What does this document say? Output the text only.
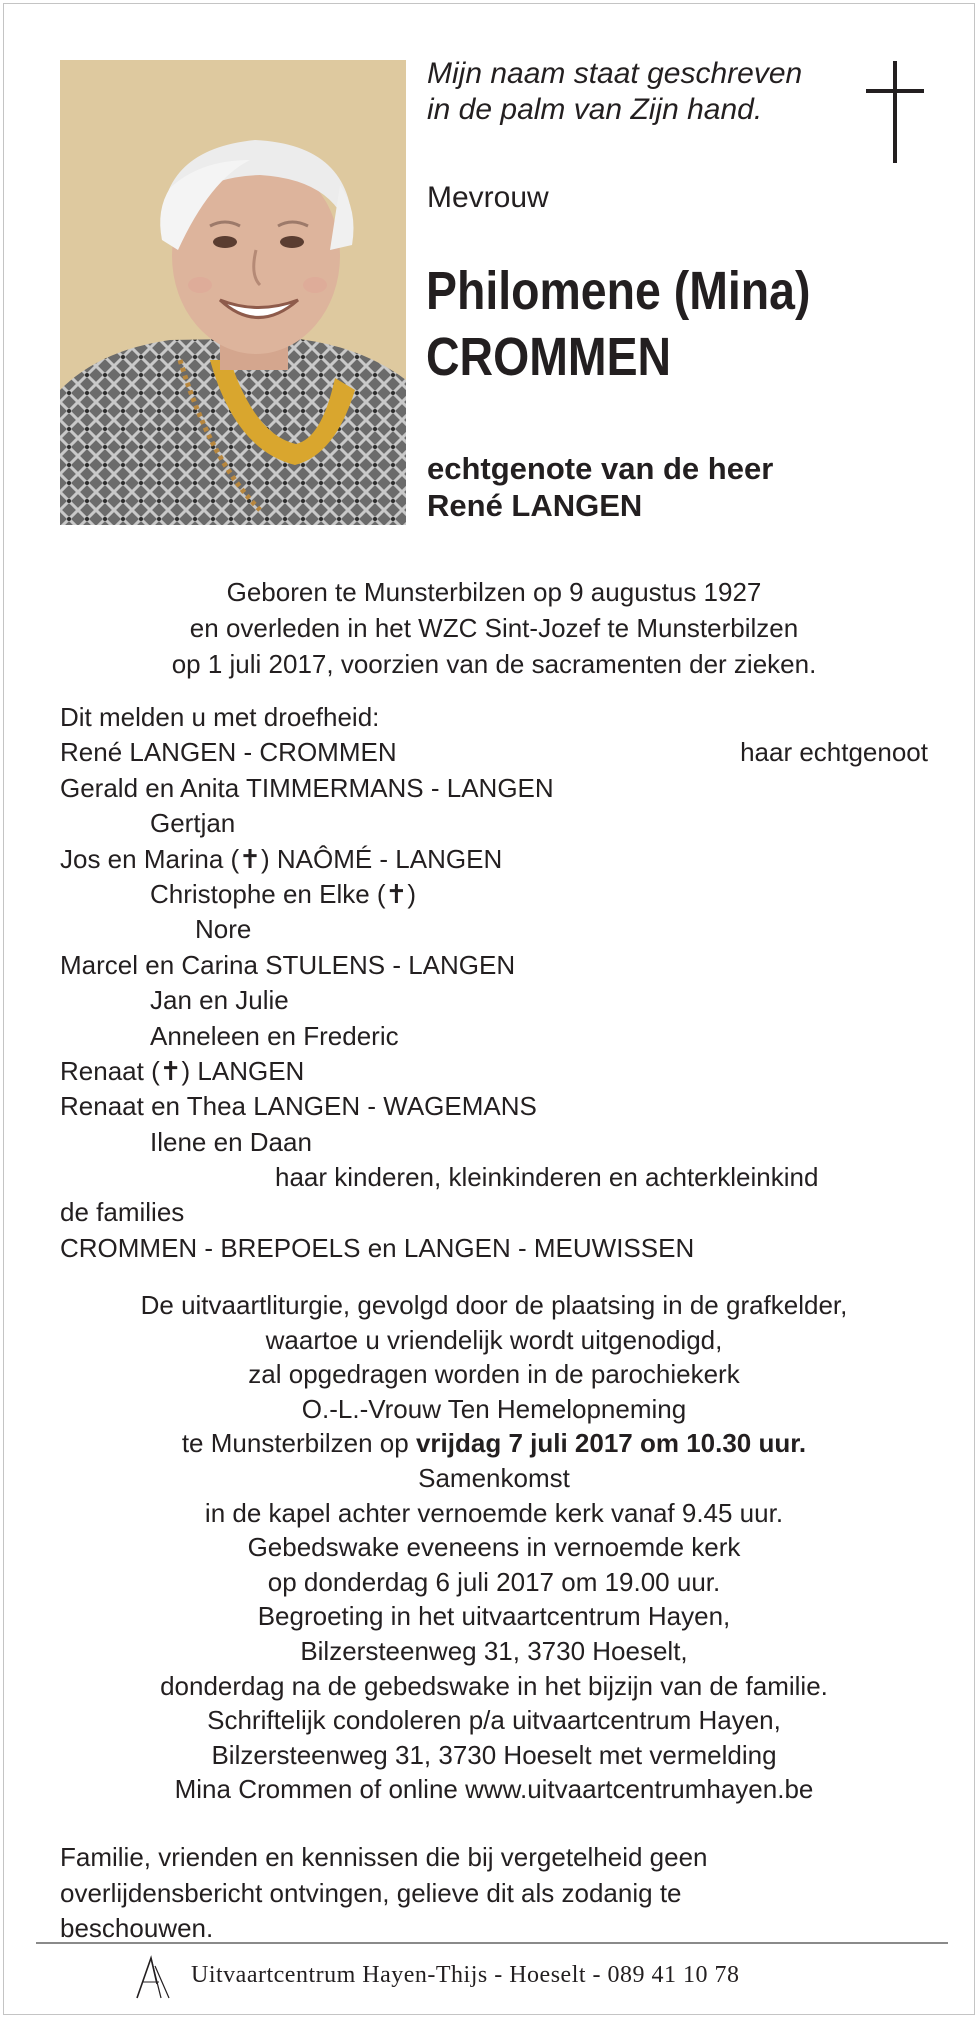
Mijn naam staat geschreven
in de palm van Zijn hand.
Mevrouw
Philomene (Mina)
CROMMEN
echtgenote van de heer
René LANGEN
Geboren te Munsterbilzen op 9 augustus 1927
en overleden in het WZC Sint-Jozef te Munsterbilzen
op 1 juli 2017, voorzien van de sacramenten der zieken.
Dit melden u met droefheid:
René LANGEN - CROMMEN	haar echtgenoot
Gerald en Anita TIMMERMANS - LANGEN
Gertjan
Jos en Marina (✝) NAÔMÉ - LANGEN
Christophe en Elke (✝)
Nore
Marcel en Carina STULENS - LANGEN
Jan en Julie
Anneleen en Frederic
Renaat (✝) LANGEN
Renaat en Thea LANGEN - WAGEMANS
Ilene en Daan
haar kinderen, kleinkinderen en achterkleinkind
de families
CROMMEN - BREPOELS en LANGEN - MEUWISSEN
De uitvaartliturgie, gevolgd door de plaatsing in de grafkelder,
waartoe u vriendelijk wordt uitgenodigd,
zal opgedragen worden in de parochiekerk
O.-L.-Vrouw Ten Hemelopneming
te Munsterbilzen op vrijdag 7 juli 2017 om 10.30 uur.
Samenkomst
in de kapel achter vernoemde kerk vanaf 9.45 uur.
Gebedswake eveneens in vernoemde kerk
op donderdag 6 juli 2017 om 19.00 uur.
Begroeting in het uitvaartcentrum Hayen,
Bilzersteenweg 31, 3730 Hoeselt,
donderdag na de gebedswake in het bijzijn van de familie.
Schriftelijk condoleren p/a uitvaartcentrum Hayen,
Bilzersteenweg 31, 3730 Hoeselt met vermelding
Mina Crommen of online www.uitvaartcentrumhayen.be
Familie, vrienden en kennissen die bij vergetelheid geen
overlijdensbericht ontvingen, gelieve dit als zodanig te
beschouwen.
Uitvaartcentrum Hayen-Thijs - Hoeselt - 089 41 10 78
